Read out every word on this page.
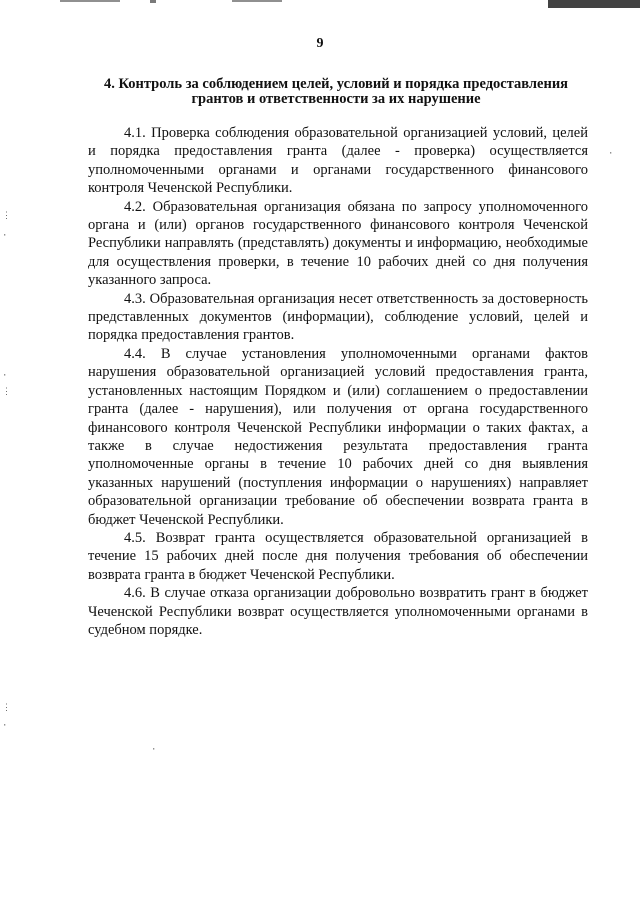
⋮
·
·
⋮
⋮
·
·
·
9
4. Контроль за соблюдением целей, условий и порядка предоставления грантов и ответственности за их нарушение

4.1. Проверка соблюдения образовательной организацией условий, целей и порядка предоставления гранта (далее - проверка) осуществляется уполномоченными органами и органами государственного финансового контроля Чеченской Республики.

4.2. Образовательная организация обязана по запросу уполномоченного органа и (или) органов государственного финансового контроля Чеченской Республики направлять (представлять) документы и информацию, необходимые для осуществления проверки, в течение 10 рабочих дней со дня получения указанного запроса.

4.3. Образовательная организация несет ответственность за достоверность представленных документов (информации), соблюдение условий, целей и порядка предоставления грантов.

4.4. В случае установления уполномоченными органами фактов нарушения образовательной организацией условий предоставления гранта, установленных настоящим Порядком и (или) соглашением о предоставлении гранта (далее - нарушения), или получения от органа государственного финансового контроля Чеченской Республики информации о таких фактах, а также в случае недостижения результата предоставления гранта уполномоченные органы в течение 10 рабочих дней со дня выявления указанных нарушений (поступления информации о нарушениях) направляет образовательной организации требование об обеспечении возврата гранта в бюджет Чеченской Республики.

4.5. Возврат гранта осуществляется образовательной организацией в течение 15 рабочих дней после дня получения требования об обеспечении возврата гранта в бюджет Чеченской Республики.

4.6. В случае отказа организации добровольно возвратить грант в бюджет Чеченской Республики возврат осуществляется уполномоченными органами в судебном порядке.
